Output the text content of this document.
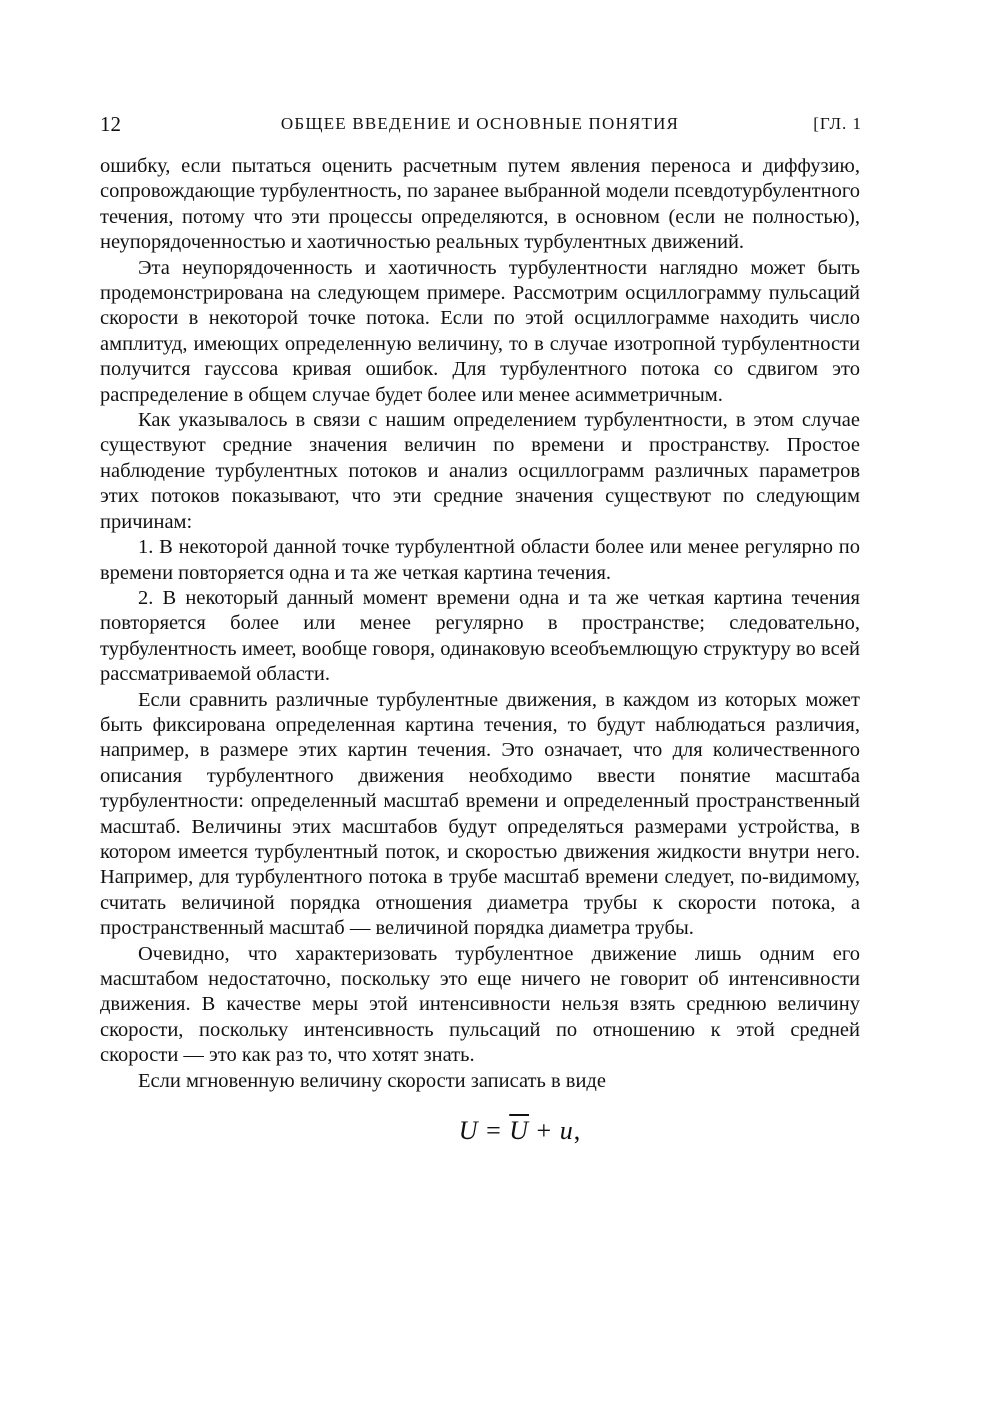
12	ОБЩЕЕ ВВЕДЕНИЕ И ОСНОВНЫЕ ПОНЯТИЯ	[ГЛ. 1

ошибку, если пытаться оценить расчетным путем явления переноса и диффузию, сопровождающие турбулентность, по заранее выбранной модели псевдотурбулентного течения, потому что эти процессы определяются, в основном (если не полностью), неупорядоченностью и хаотичностью реальных турбулентных движений.

Эта неупорядоченность и хаотичность турбулентности наглядно может быть продемонстрирована на следующем примере. Рассмотрим осциллограмму пульсаций скорости в некоторой точке потока. Если по этой осциллограмме находить число амплитуд, имеющих определенную величину, то в случае изотропной турбулентности получится гауссова кривая ошибок. Для турбулентного потока со сдвигом это распределение в общем случае будет более или менее асимметричным.

Как указывалось в связи с нашим определением турбулентности, в этом случае существуют средние значения величин по времени и пространству. Простое наблюдение турбулентных потоков и анализ осциллограмм различных параметров этих потоков показывают, что эти средние значения существуют по следующим причинам:

1. В некоторой данной точке турбулентной области более или менее регулярно по времени повторяется одна и та же четкая картина течения.

2. В некоторый данный момент времени одна и та же четкая картина течения повторяется более или менее регулярно в пространстве; следовательно, турбулентность имеет, вообще говоря, одинаковую всеобъемлющую структуру во всей рассматриваемой области.

Если сравнить различные турбулентные движения, в каждом из которых может быть фиксирована определенная картина течения, то будут наблюдаться различия, например, в размере этих картин течения. Это означает, что для количественного описания турбулентного движения необходимо ввести понятие масштаба турбулентности: определенный масштаб времени и определенный пространственный масштаб. Величины этих масштабов будут определяться размерами устройства, в котором имеется турбулентный поток, и скоростью движения жидкости внутри него. Например, для турбулентного потока в трубе масштаб времени следует, по-видимому, считать величиной порядка отношения диаметра трубы к скорости потока, а пространственный масштаб — величиной порядка диаметра трубы.

Очевидно, что характеризовать турбулентное движение лишь одним его масштабом недостаточно, поскольку это еще ничего не говорит об интенсивности движения. В качестве меры этой интенсивности нельзя взять среднюю величину скорости, поскольку интенсивность пульсаций по отношению к этой средней скорости — это как раз то, что хотят знать.

Если мгновенную величину скорости записать в виде

$U = \overline{U} + u$,
